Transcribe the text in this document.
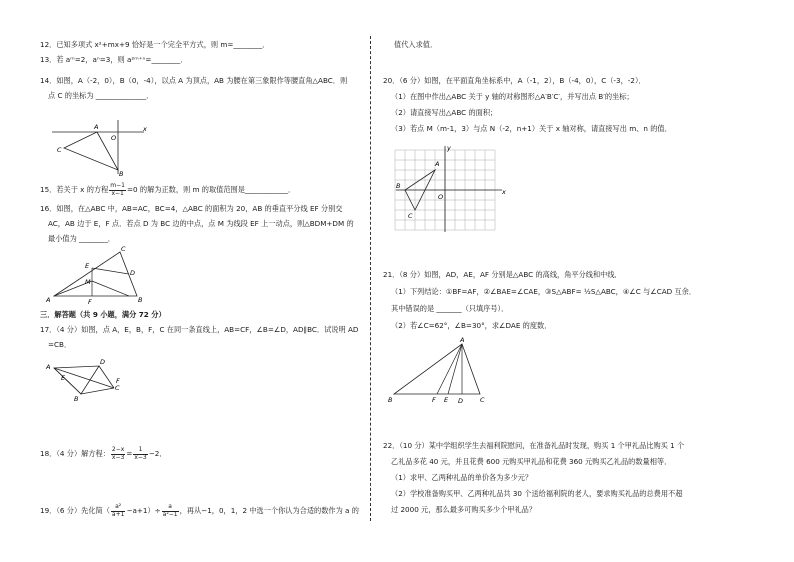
12．已知多项式 x²+mx+9 恰好是一个完全平方式，则 m=________．
13．若 aᵐ=2，aⁿ=3，则 a²ᵐ⁺ⁿ=________．
14．如图，A（-2，0），B（0，-4），以点 A 为顶点，AB 为腰在第三象限作等腰直角△ABC．则
点 C 的坐标为 ______________．
A
O
C
B
x
15．若关于 x 的方程 $\frac{m-1}{x-1} =0$ 的解为正数，则 m 的取值范围是____________．
16．如图，在△ABC 中，AB=AC，BC=4，△ABC 的面积为 20，AB 的垂直平分线 EF 分别交
AC，AB 边于 E，F 点．若点 D 为 BC 边的中点，点 M 为线段 EF 上一动点，则△BDM+DM 的
最小值为 ________．
A	B
C
D
E
F
M
三．解答题（共 9 小题，满分 72 分）
17．（4 分）如图，点 A，E，B，F，C 在同一条直线上，AB=CF，∠B=∠D，AD∥BC．试说明 AD
=CB．
A
D
E
C
F
B
18．（4 分）解方程： $\frac{2-x}{x-3} = \frac{1}{x-3} -2$．
19．（6 分）先化简（ $\frac{\text{a²}}{a+1} -a+1)\div \frac{a}{\text{a²−1}}$ ，再从−1，0，1，2 中选一个你认为合适的数作为 a 的
值代入求值．
20．（6 分）如图，在平面直角坐标系中，A（-1，2），B（-4，0），C（-3，-2）．
（1）在图中作出△ABC 关于 y 轴的对称图形△A′B′C′，并写出点 B′的坐标；
（2）请直接写出△ABC 的面积；
（3）若点 M（m-1，3）与点 N（-2，n+1）关于 x 轴对称，请直接写出 m、n 的值．
A
B
C
O
x
y
21．（8 分）如图，AD，AE，AF 分别是△ABC 的高线，角平分线和中线．
（1）下列结论：①BF=AF，②∠BAE=∠CAE，③S△ABF= ½S△ABC，④∠C 与∠CAD 互余．
其中错误的是 _______（只填序号）．
（2）若∠C=62°，∠B=30°，求∠DAE 的度数．
A
B	F E D	C
22．（10 分）某中学组织学生去福利院慰问，在准备礼品时发现，购买 1 个甲礼品比购买 1 个
乙礼品多花 40 元，并且花费 600 元购买甲礼品和花费 360 元购买乙礼品的数量相等．
（1）求甲、乙两种礼品的单价各为多少元？
（2）学校准备购买甲、乙两种礼品共 30 个送给福利院的老人，要求购买礼品的总费用不超
过 2000 元，那么最多可购买多少个甲礼品？
